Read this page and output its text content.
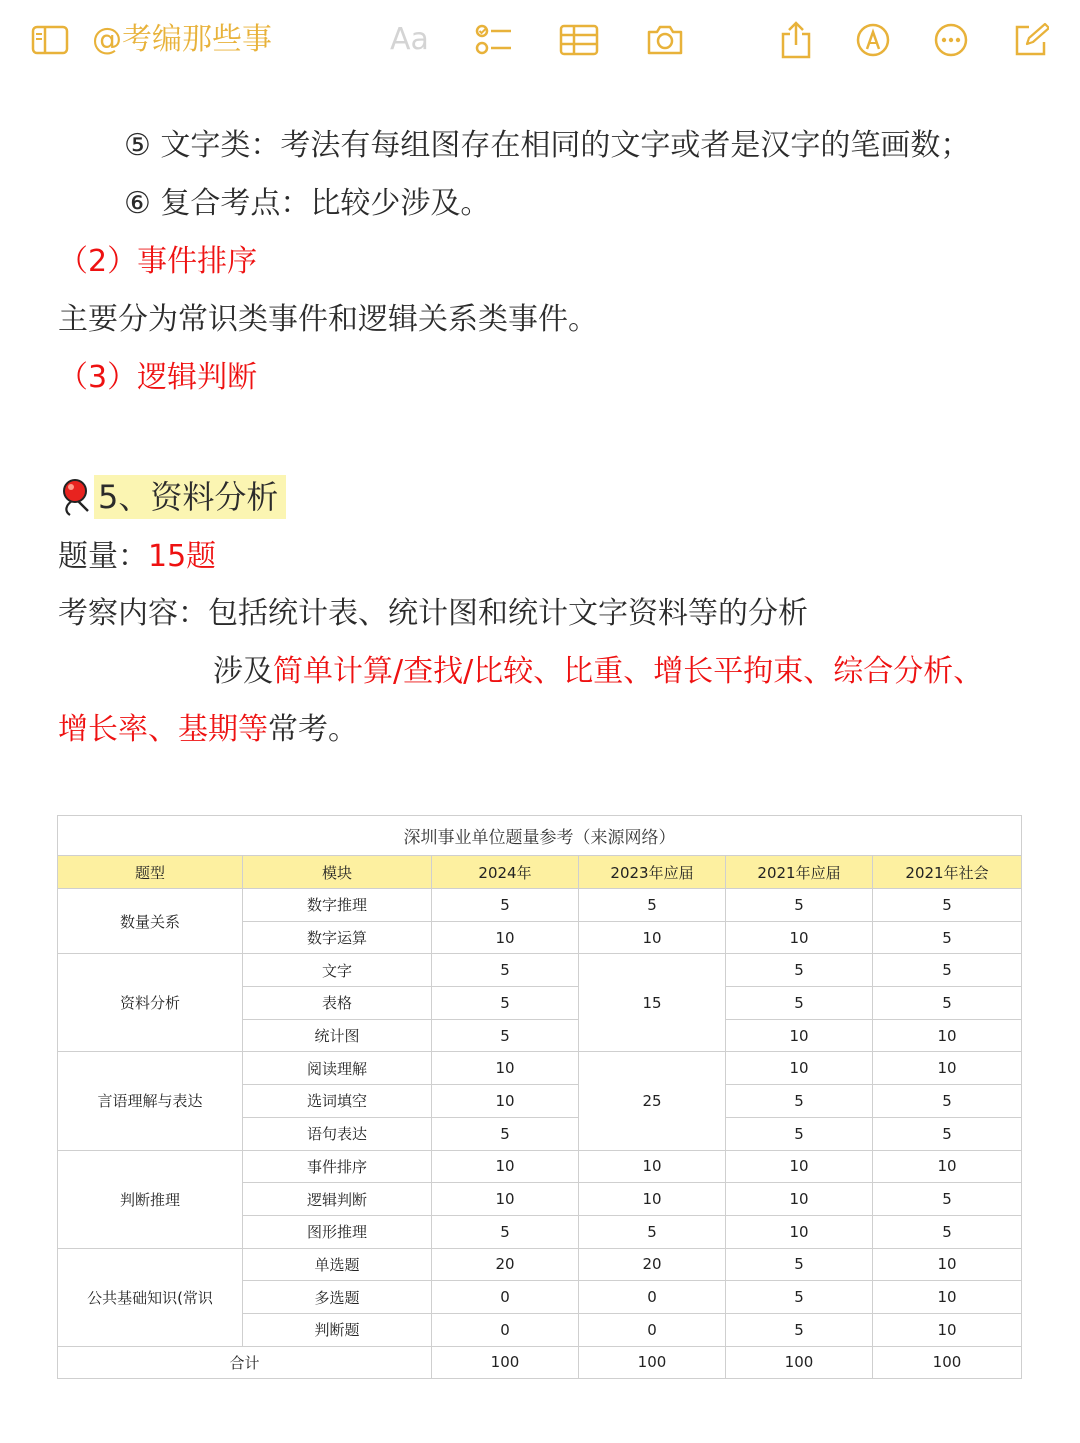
@考编那些事	Aa
⑤ 文字类：考法有每组图存在相同的文字或者是汉字的笔画数；
⑥ 复合考点：比较少涉及。
（2）事件排序
主要分为常识类事件和逻辑关系类事件。
（3）逻辑判断
5、资料分析
题量：15题
考察内容：包括统计表、统计图和统计文字资料等的分析
涉及简单计算/查找/比较、比重、增长平拘束、综合分析、
增长率、基期等常考。
深圳事业单位题量参考（来源网络）					
题型	模块	2024年	2023年应届	2021年应届	2021年社会
数量关系	数字推理	5	5	5	5
	数字运算	10	10	10	5
资料分析	文字	5	15	5	5
	表格	5		5	5
	统计图	5		10	10
言语理解与表达	阅读理解	10	25	10	10
	选词填空	10		5	5
	语句表达	5		5	5
判断推理	事件排序	10	10	10	10
	逻辑判断	10	10	10	5
	图形推理	5	5	10	5
公共基础知识(常识	单选题	20	20	5	10
	多选题	0	0	5	10
	判断题	0	0	5	10
合计		100	100	100	100
